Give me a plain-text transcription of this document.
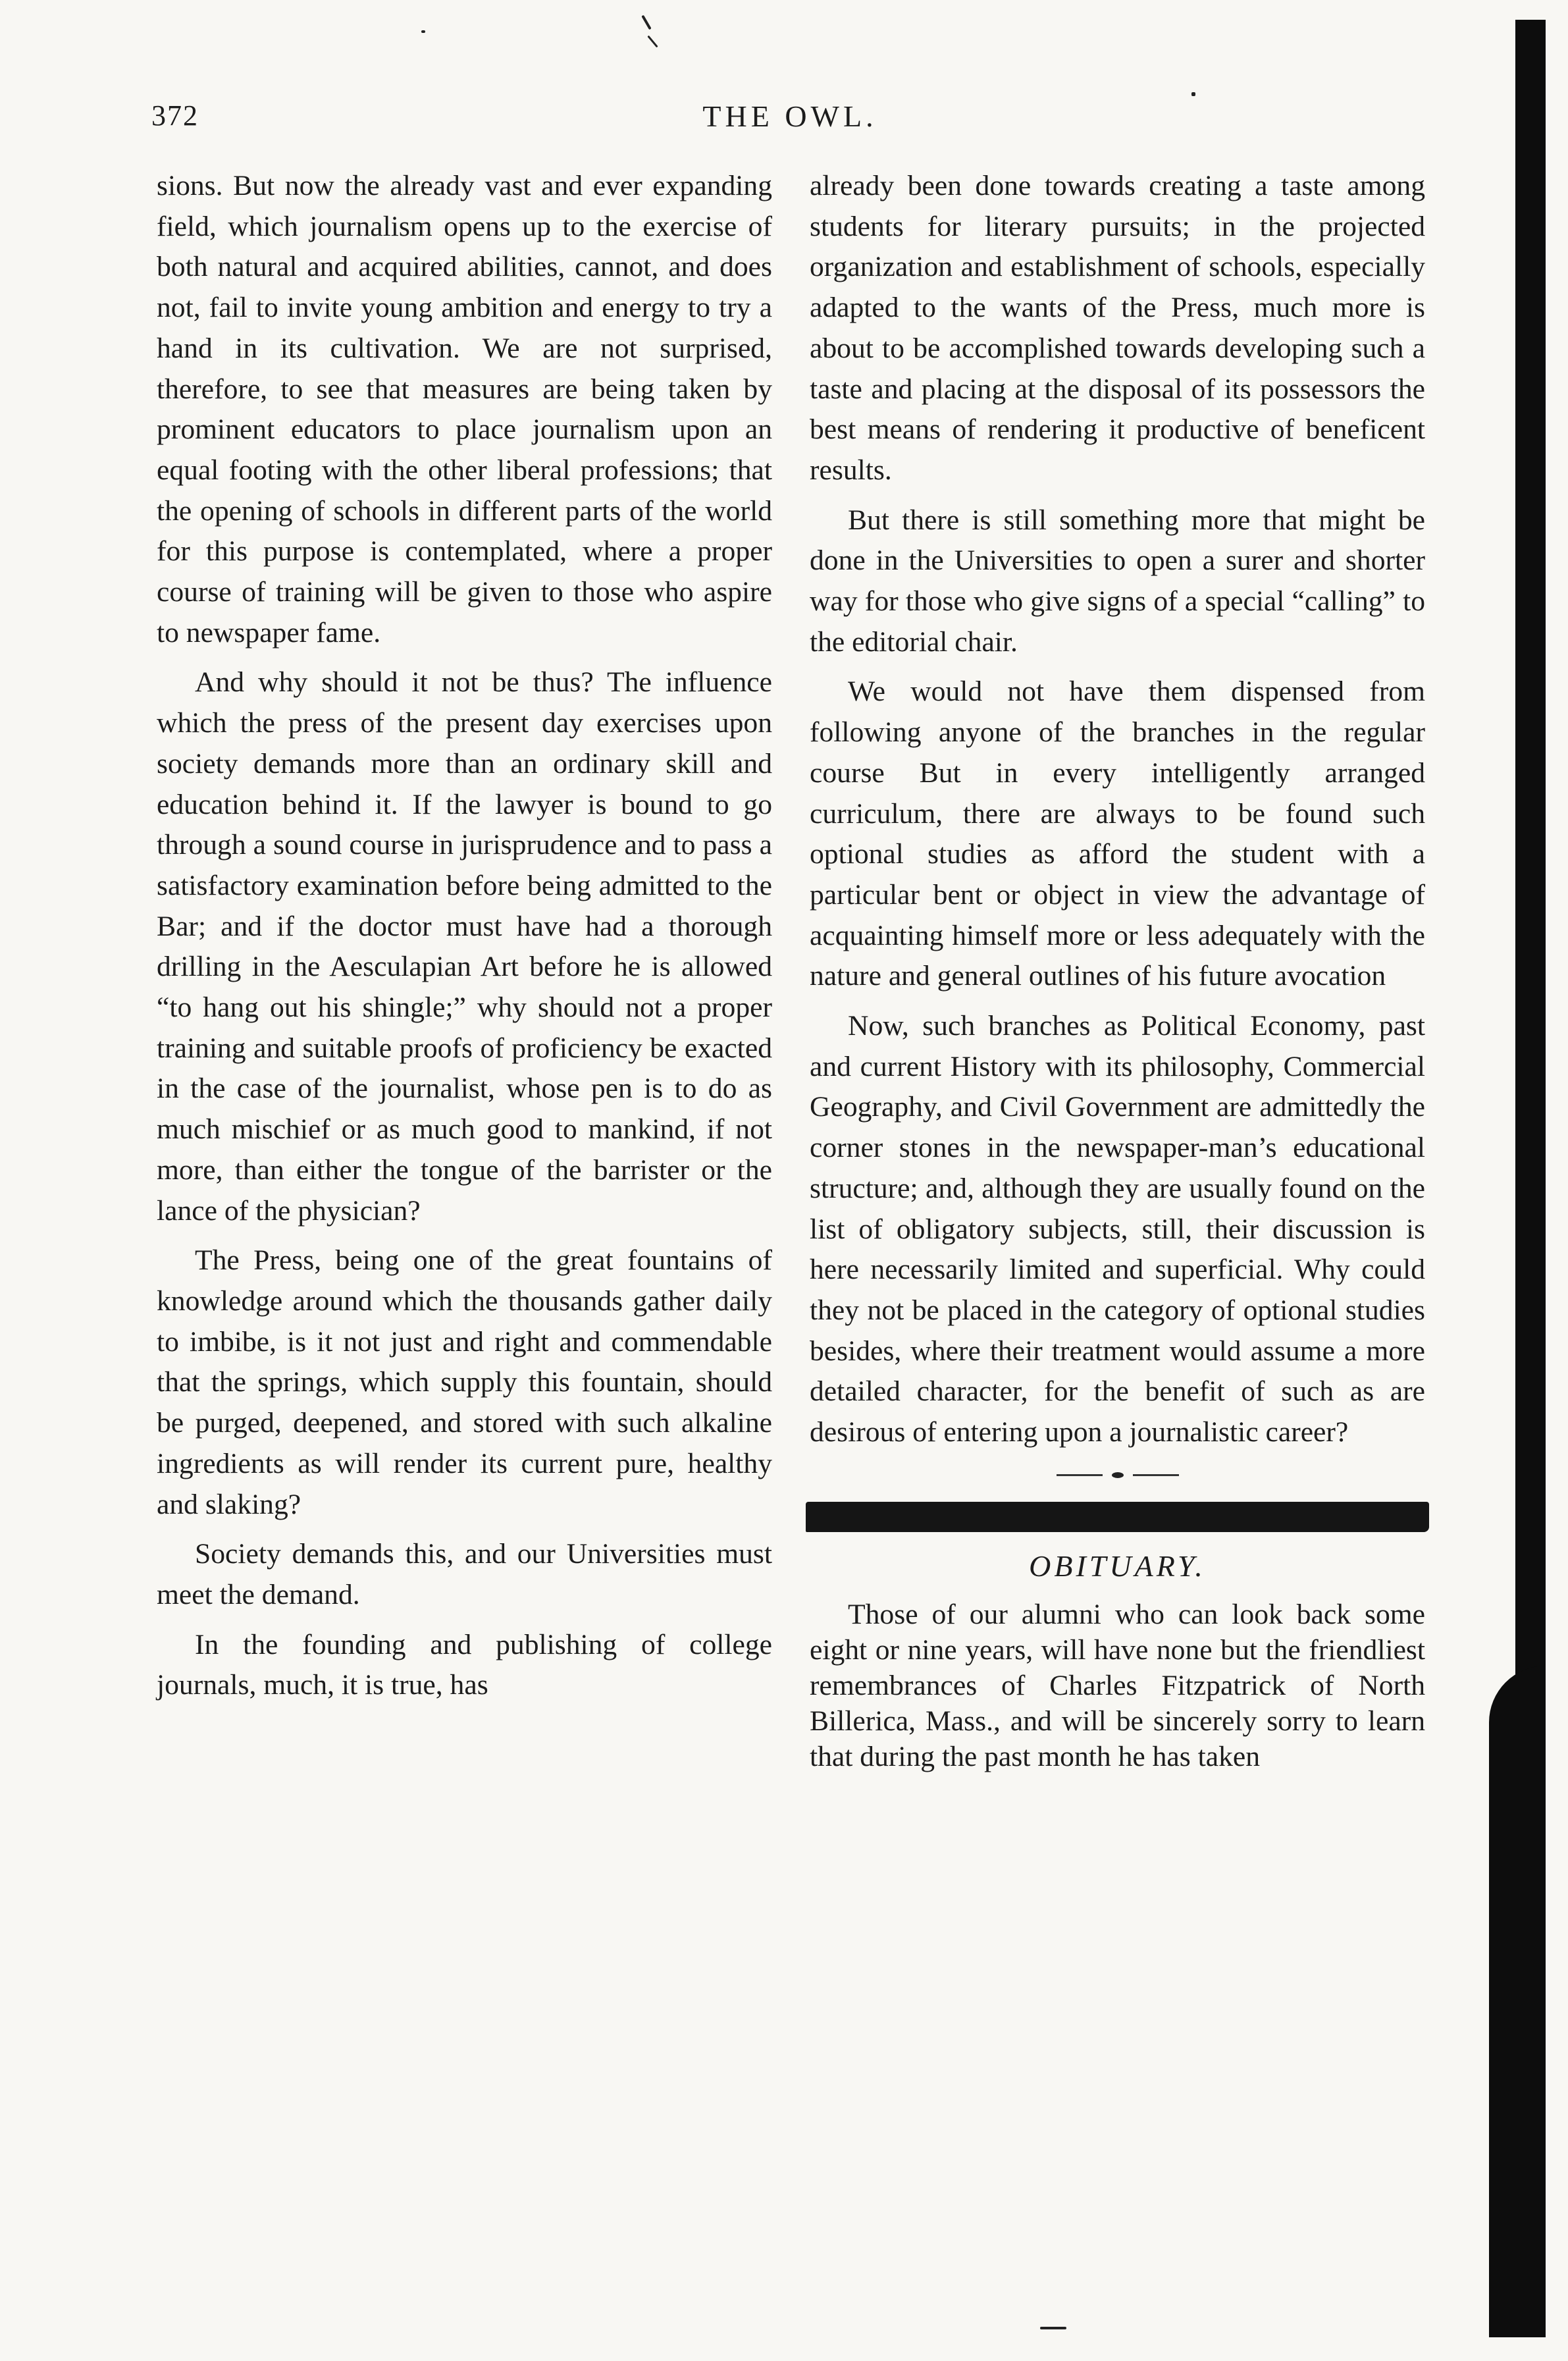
372	THE OWL.

sions. But now the already vast and ever expanding field, which journalism opens up to the exercise of both natural and acquired abilities, cannot, and does not, fail to invite young ambition and energy to try a hand in its cultivation. We are not surprised, therefore, to see that measures are being taken by prominent educators to place journalism upon an equal footing with the other liberal professions; that the opening of schools in different parts of the world for this purpose is contemplated, where a proper course of training will be given to those who aspire to newspaper fame.

And why should it not be thus? The influence which the press of the present day exercises upon society demands more than an ordinary skill and education behind it. If the lawyer is bound to go through a sound course in jurisprudence and to pass a satisfactory examination before being admitted to the Bar; and if the doctor must have had a thorough drilling in the Aesculapian Art before he is allowed “to hang out his shingle;” why should not a proper training and suitable proofs of proficiency be exacted in the case of the journalist, whose pen is to do as much mischief or as much good to mankind, if not more, than either the tongue of the barrister or the lance of the physician?

The Press, being one of the great fountains of knowledge around which the thousands gather daily to imbibe, is it not just and right and commendable that the springs, which supply this fountain, should be purged, deepened, and stored with such alkaline ingredients as will render its current pure, healthy and slaking?

Society demands this, and our Universities must meet the demand.

In the founding and publishing of college journals, much, it is true, has

already been done towards creating a taste among students for literary pursuits; in the projected organization and establishment of schools, especially adapted to the wants of the Press, much more is about to be accomplished towards developing such a taste and placing at the disposal of its possessors the best means of rendering it productive of beneficent results.

But there is still something more that might be done in the Universities to open a surer and shorter way for those who give signs of a special “calling” to the editorial chair.

We would not have them dispensed from following anyone of the branches in the regular course But in every intelligently arranged curriculum, there are always to be found such optional studies as afford the student with a particular bent or object in view the advantage of acquainting himself more or less adequately with the nature and general outlines of his future avocation

Now, such branches as Political Economy, past and current History with its philosophy, Commercial Geography, and Civil Government are admittedly the corner stones in the newspaper-man’s educational structure; and, although they are usually found on the list of obligatory subjects, still, their discussion is here necessarily limited and superficial. Why could they not be placed in the category of optional studies besides, where their treatment would assume a more detailed character, for the benefit of such as are desirous of entering upon a journalistic career?

OBITUARY.

Those of our alumni who can look back some eight or nine years, will have none but the friendliest remembrances of Charles Fitzpatrick of North Billerica, Mass., and will be sincerely sorry to learn that during the past month he has taken
